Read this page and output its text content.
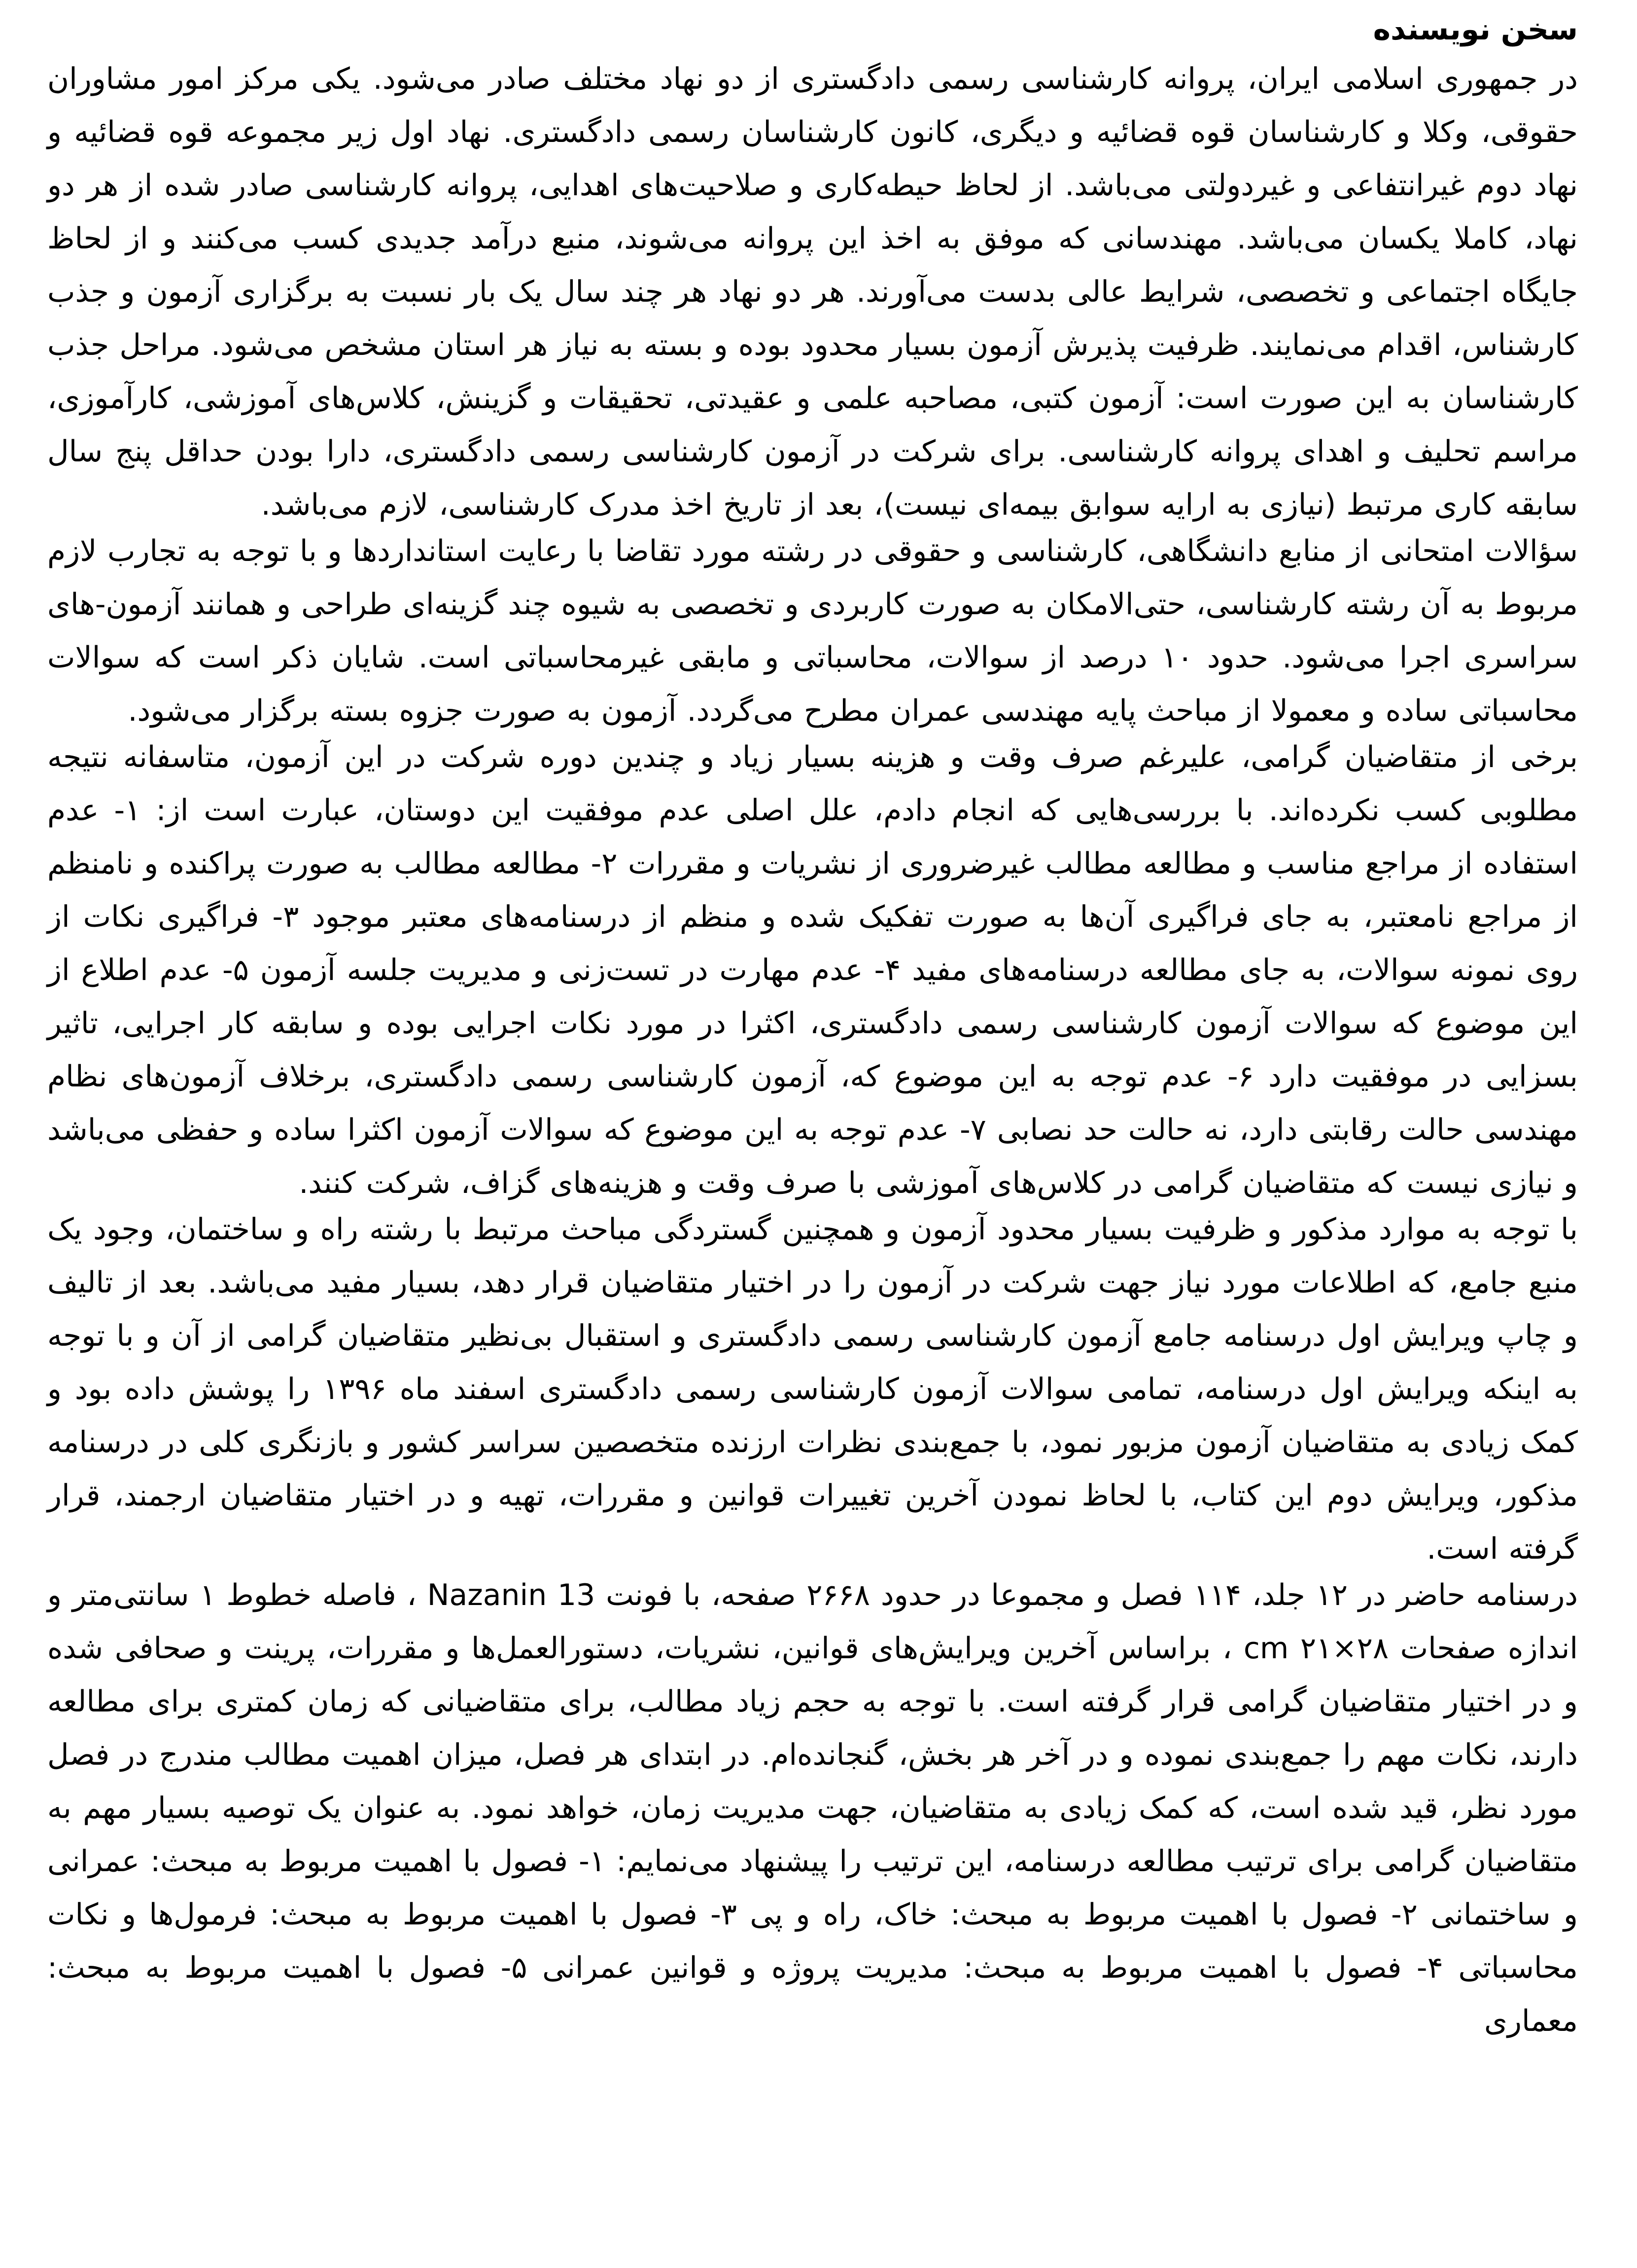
سخن نویسنده

در جمهوری اسلامی ایران، پروانه کارشناسی رسمی دادگستری از دو نهاد مختلف صادر می‌شود. یکی مرکز امور مشاوران حقوقی، وکلا و کارشناسان قوه قضائیه و دیگری، کانون کارشناسان رسمی دادگستری. نهاد اول زیر مجموعه قوه قضائیه و نهاد دوم غیرانتفاعی و غیردولتی می‌باشد. از لحاظ حیطه‌کاری و صلاحیت‌های اهدایی، پروانه کارشناسی صادر شده از هر دو نهاد، کاملا یکسان می‌باشد. مهندسانی که موفق به اخذ این پروانه می‌شوند، منبع درآمد جدیدی کسب می‌کنند و از لحاظ جایگاه اجتماعی و تخصصی، شرایط عالی بدست می‌آورند. هر دو نهاد هر چند سال یک بار نسبت به برگزاری آزمون و جذب کارشناس، اقدام می‌نمایند. ظرفیت پذیرش آزمون بسیار محدود بوده و بسته به نیاز هر استان مشخص می‌شود. مراحل جذب کارشناسان به این صورت است: آزمون کتبی، مصاحبه علمی و عقیدتی، تحقیقات و گزینش، کلاس‌های آموزشی، کارآموزی، مراسم تحلیف و اهدای پروانه کارشناسی. برای شرکت در آزمون کارشناسی رسمی دادگستری، دارا بودن حداقل پنج سال سابقه کاری مرتبط (نیازی به ارایه سوابق بیمه‌ای نیست)، بعد از تاریخ اخذ مدرک کارشناسی، لازم می‌باشد.

سؤالات امتحانی از منابع دانشگاهی، کارشناسی و حقوقی در رشته مورد تقاضا با رعایت استانداردها و با توجه به تجارب لازم مربوط به آن رشته کارشناسی، حتی‌الامکان به صورت کاربردی و تخصصی به شیوه چند گزینه‌ای طراحی و همانند آزمون-های سراسری اجرا می‌شود. حدود ۱۰ درصد از سوالات، محاسباتی و مابقی غیرمحاسباتی است. شایان ذکر است که سوالات محاسباتی ساده و معمولا از مباحث پایه مهندسی عمران مطرح می‌گردد. آزمون به صورت جزوه بسته برگزار می‌شود.

برخی از متقاضیان گرامی، علیرغم صرف وقت و هزینه بسیار زیاد و چندین دوره شرکت در این آزمون، متاسفانه نتیجه مطلوبی کسب نکرده‌اند. با بررسی‌هایی که انجام دادم، علل اصلی عدم موفقیت این دوستان، عبارت است از: ۱- عدم استفاده از مراجع مناسب و مطالعه مطالب غیرضروری از نشریات و مقررات ۲- مطالعه مطالب به صورت پراکنده و نامنظم از مراجع نامعتبر، به جای فراگیری آن‌ها به صورت تفکیک شده و منظم از درسنامه‌های معتبر موجود ۳- فراگیری نکات از روی نمونه سوالات، به جای مطالعه درسنامه‌های مفید ۴- عدم مهارت در تست‌زنی و مدیریت جلسه آزمون ۵- عدم اطلاع از این موضوع که سوالات آزمون کارشناسی رسمی دادگستری، اکثرا در مورد نکات اجرایی بوده و سابقه کار اجرایی، تاثیر بسزایی در موفقیت دارد ۶- عدم توجه به این موضوع که، آزمون کارشناسی رسمی دادگستری، برخلاف آزمون‌های نظام مهندسی حالت رقابتی دارد، نه حالت حد نصابی ۷- عدم توجه به این موضوع که سوالات آزمون اکثرا ساده و حفظی می‌باشد و نیازی نیست که متقاضیان گرامی در کلاس‌های آموزشی با صرف وقت و هزینه‌های گزاف، شرکت کنند.

با توجه به موارد مذکور و ظرفیت بسیار محدود آزمون و همچنین گستردگی مباحث مرتبط با رشته راه و ساختمان، وجود یک منبع جامع، که اطلاعات مورد نیاز جهت شرکت در آزمون را در اختیار متقاضیان قرار دهد، بسیار مفید می‌باشد. بعد از تالیف و چاپ ویرایش اول درسنامه جامع آزمون کارشناسی رسمی دادگستری و استقبال بی‌نظیر متقاضیان گرامی از آن و با توجه به اینکه ویرایش اول درسنامه، تمامی سوالات آزمون کارشناسی رسمی دادگستری اسفند ماه ۱۳۹۶ را پوشش داده بود و کمک زیادی به متقاضیان آزمون مزبور نمود، با جمع‌بندی نظرات ارزنده متخصصین سراسر کشور و بازنگری کلی در درسنامه مذکور، ویرایش دوم این کتاب، با لحاظ نمودن آخرین تغییرات قوانین و مقررات، تهیه و در اختیار متقاضیان ارجمند، قرار گرفته است.

درسنامه حاضر در ۱۲ جلد، ۱۱۴ فصل و مجموعا در حدود ۲۶۶۸ صفحه، با فونت Nazanin 13 ، فاصله خطوط ۱ سانتی‌متر و اندازه صفحات ۲۸×۲۱ cm ، براساس آخرین ویرایش‌های قوانین، نشریات، دستورالعمل‌ها و مقررات، پرینت و صحافی شده و در اختیار متقاضیان گرامی قرار گرفته است. با توجه به حجم زیاد مطالب، برای متقاضیانی که زمان کمتری برای مطالعه دارند، نکات مهم را جمع‌بندی نموده و در آخر هر بخش، گنجانده‌ام. در ابتدای هر فصل، میزان اهمیت مطالب مندرج در فصل مورد نظر، قید شده است، که کمک زیادی به متقاضیان، جهت مدیریت زمان، خواهد نمود. به عنوان یک توصیه بسیار مهم به متقاضیان گرامی برای ترتیب مطالعه درسنامه، این ترتیب را پیشنهاد می‌نمایم: ۱- فصول با اهمیت مربوط به مبحث: عمرانی و ساختمانی ۲- فصول با اهمیت مربوط به مبحث: خاک، راه و پی ۳- فصول با اهمیت مربوط به مبحث: فرمول‌ها و نکات محاسباتی ۴- فصول با اهمیت مربوط به مبحث: مدیریت پروژه و قوانین عمرانی ۵- فصول با اهمیت مربوط به مبحث: معماری
